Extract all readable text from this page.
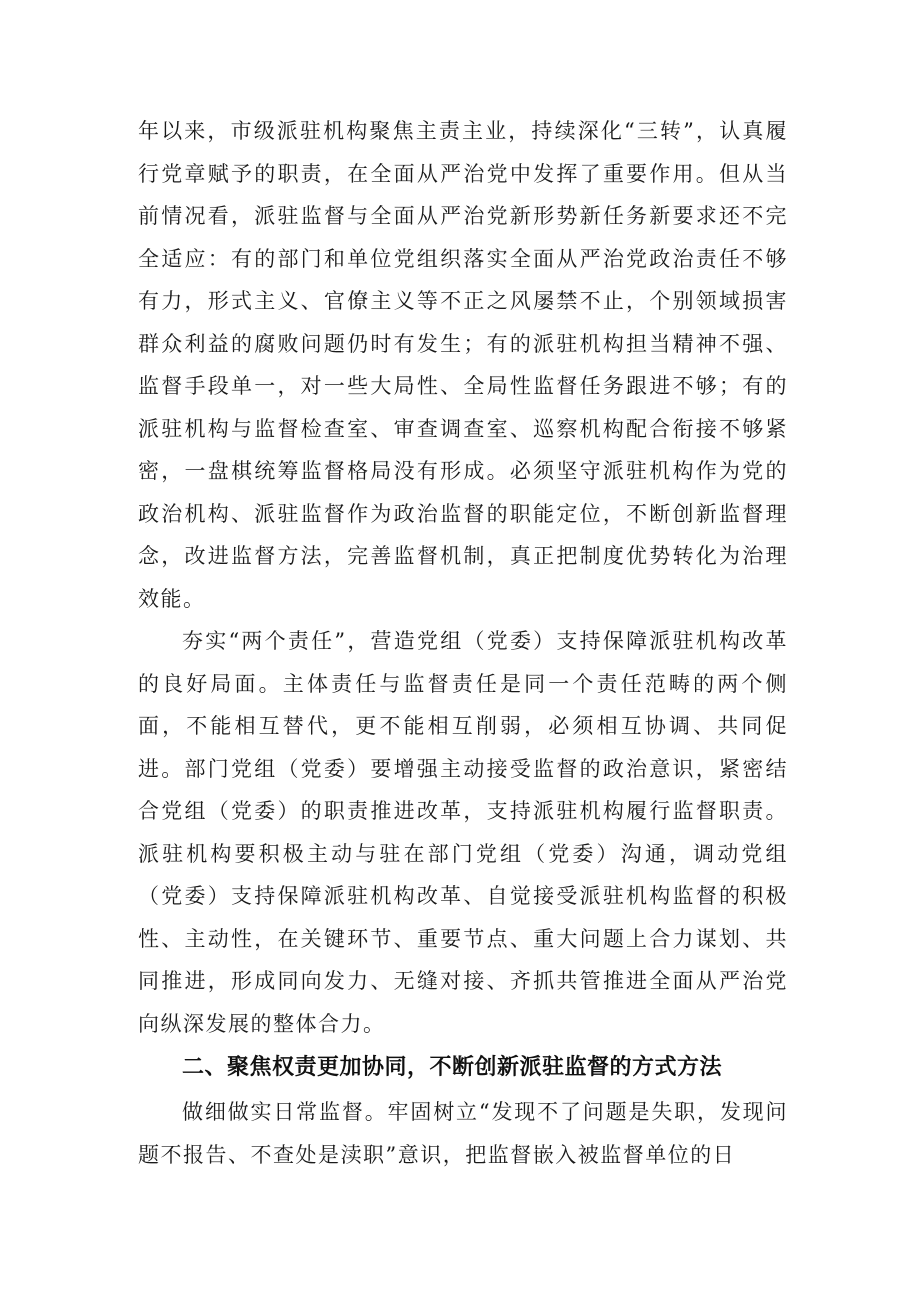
年以来，市级派驻机构聚焦主责主业，持续深化“三转”，认真履行党章赋予的职责，在全面从严治党中发挥了重要作用。但从当前情况看，派驻监督与全面从严治党新形势新任务新要求还不完全适应：有的部门和单位党组织落实全面从严治党政治责任不够有力，形式主义、官僚主义等不正之风屡禁不止，个别领域损害群众利益的腐败问题仍时有发生；有的派驻机构担当精神不强、监督手段单一，对一些大局性、全局性监督任务跟进不够；有的派驻机构与监督检查室、审查调查室、巡察机构配合衔接不够紧密，一盘棋统筹监督格局没有形成。必须坚守派驻机构作为党的政治机构、派驻监督作为政治监督的职能定位，不断创新监督理念，改进监督方法，完善监督机制，真正把制度优势转化为治理效能。

夯实“两个责任”，营造党组（党委）支持保障派驻机构改革的良好局面。主体责任与监督责任是同一个责任范畴的两个侧面，不能相互替代，更不能相互削弱，必须相互协调、共同促进。部门党组（党委）要增强主动接受监督的政治意识，紧密结合党组（党委）的职责推进改革，支持派驻机构履行监督职责。派驻机构要积极主动与驻在部门党组（党委）沟通，调动党组（党委）支持保障派驻机构改革、自觉接受派驻机构监督的积极性、主动性，在关键环节、重要节点、重大问题上合力谋划、共同推进，形成同向发力、无缝对接、齐抓共管推进全面从严治党向纵深发展的整体合力。

二、聚焦权责更加协同，不断创新派驻监督的方式方法

做细做实日常监督。牢固树立“发现不了问题是失职，发现问题不报告、不查处是渎职”意识，把监督嵌入被监督单位的日
